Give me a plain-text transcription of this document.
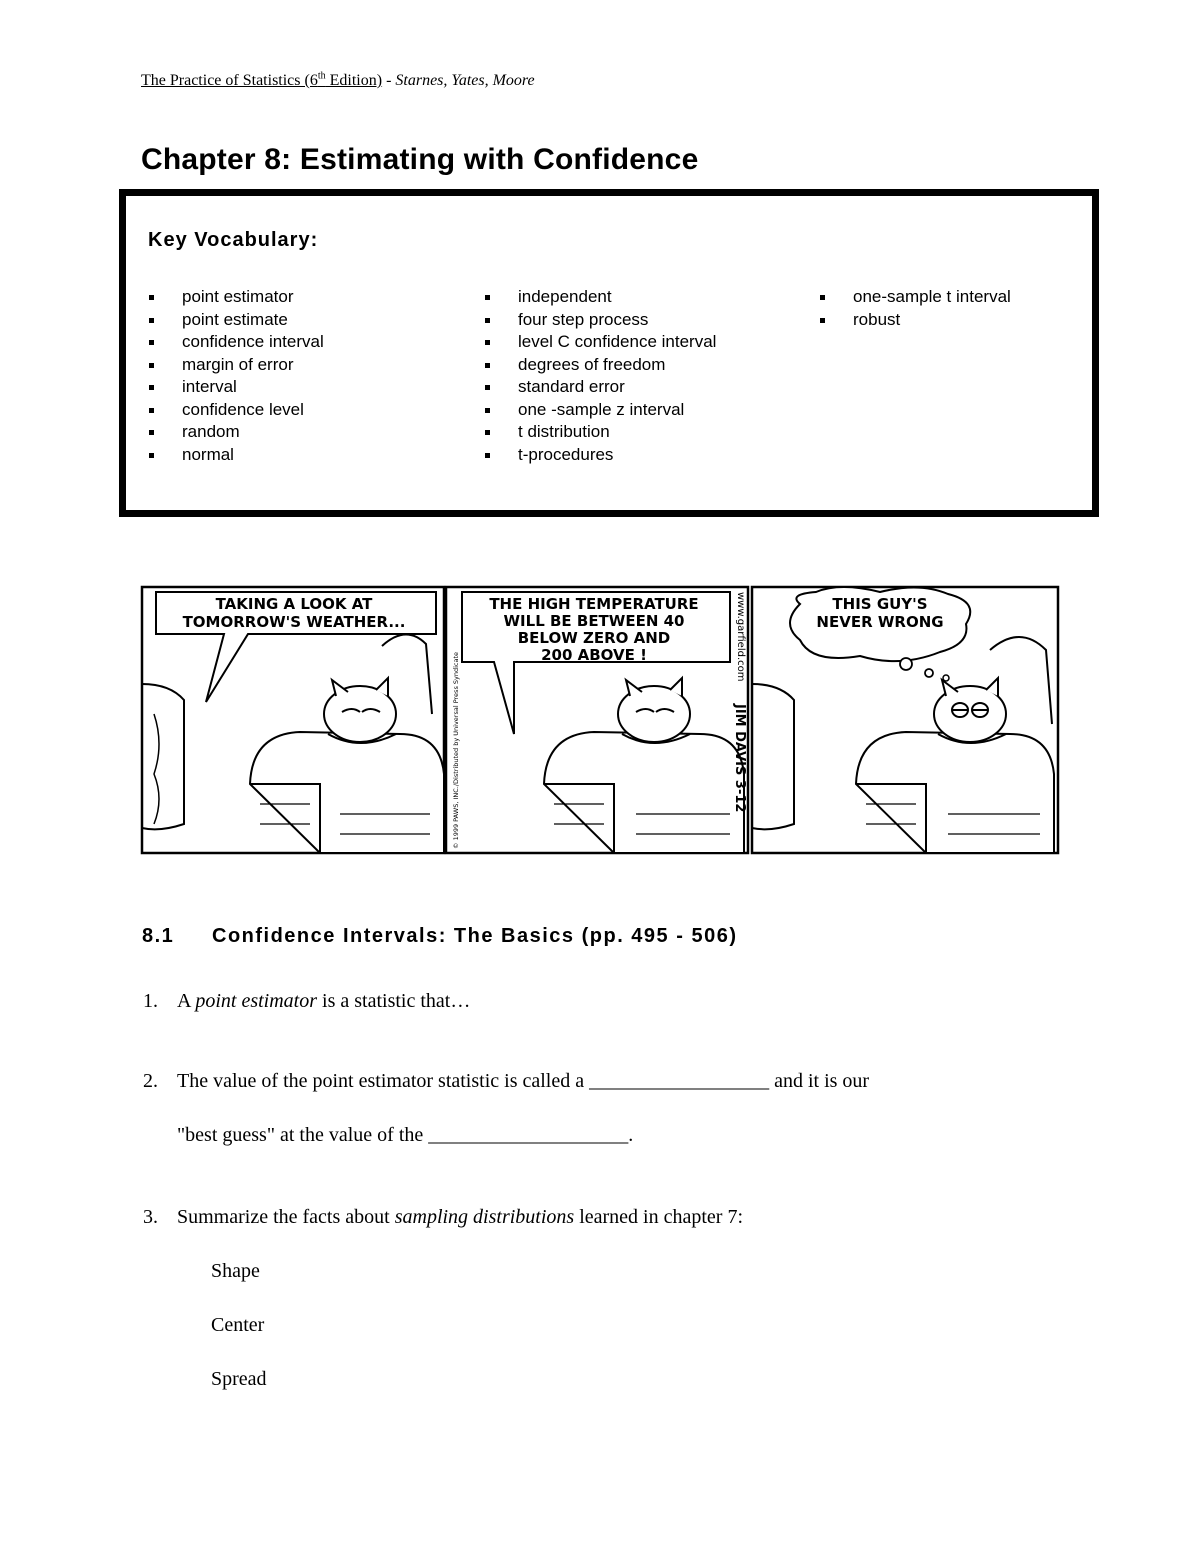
The Practice of Statistics (6th Edition) - Starnes, Yates, Moore
Chapter 8: Estimating with Confidence
Key Vocabulary:
point estimator
point estimate
confidence interval
margin of error
interval
confidence level
random
normal
independent
four step process
level C confidence interval
degrees of freedom
standard error
one -sample z interval
t distribution
t-procedures
one-sample t interval
robust
TAKING A LOOK AT
TOMORROW'S WEATHER...
THE HIGH TEMPERATURE
WILL BE BETWEEN 40
BELOW ZERO AND
200 ABOVE !
© 1999 PAWS, INC./Distributed by Universal Press Syndicate
www.garfield.com
JIM DAVIS 3-12
THIS GUY'S
NEVER WRONG
8.1 Confidence Intervals: The Basics (pp. 495 - 506)
1. A point estimator is a statistic that…
2. The value of the point estimator statistic is called a __________________ and it is our
"best guess" at the value of the ____________________.
3. Summarize the facts about sampling distributions learned in chapter 7:
Shape
Center
Spread
